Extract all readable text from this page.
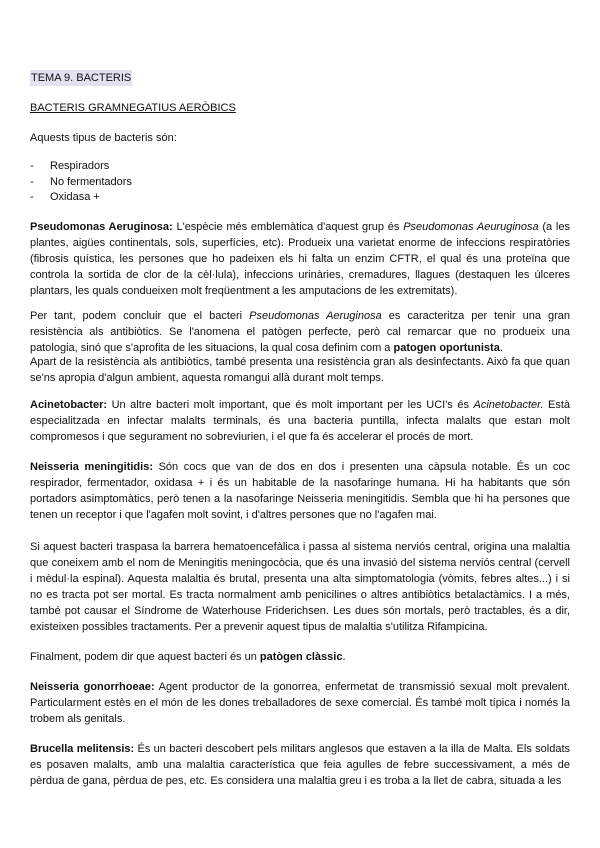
TEMA 9. BACTERIS
BACTERIS GRAMNEGATIUS AERÒBICS
Aquests tipus de bacteris són:
-	Respiradors
-	No fermentadors
-	Oxidasa +
Pseudomonas Aeruginosa: L'espècie més emblemàtica d'aquest grup és Pseudomonas Aeuruginosa (a les
plantes, aigües continentals, sols, superfícies, etc). Produeix una varietat enorme de infeccions respiratòries
(fibrosis quística, les persones que ho padeixen els hi falta un enzim CFTR, el qual és una proteïna que
controla la sortida de clor de la cèl·lula), infeccions urinàries, cremadures, llagues (destaquen les úlceres
plantars, les quals condueixen molt freqüentment a les amputacions de les extremitats).
Per tant, podem concluir que el bacteri Pseudomonas Aeruginosa es caracteritza per tenir una gran
resistència als antibiòtics. Se l'anomena el patògen perfecte, però cal remarcar que no produeix una
patologia, sinó que s'aprofita de les situacions, la qual cosa definim com a patogen oportunista.
Apart de la resistència als antibiòtics, també presenta una resistència gran als desinfectants. Això fa que quan
se'ns apropia d'algun ambient, aquesta romangui allà durant molt temps.
Acinetobacter: Un altre bacteri molt important, que és molt important per les UCI's és Acinetobacter. Està
especialitzada en infectar malalts terminals, és una bacteria puntilla, infecta malalts que estan molt
compromesos i que segurament no sobreviurien, i el que fa és accelerar el procés de mort.
Neisseria meningitidis: Són cocs que van de dos en dos i presenten una càpsula notable. És un coc
respirador, fermentador, oxidasa + i és un habitable de la nasofaringe humana. Hi ha habitants que són
portadors asimptomàtics, però tenen a la nasofaringe Neisseria meningitidis. Sembla que hi ha persones que
tenen un receptor i que l'agafen molt sovint, i d'altres persones que no l'agafen mai.
Si aquest bacteri traspasa la barrera hematoencefàlica i passa al sistema nerviós central, origina una malaltia
que coneixem amb el nom de Meningitis meningocòcia, que és una invasió del sistema nerviós central (cervell
i mèdul·la espinal). Aquesta malaltia és brutal, presenta una alta simptomatologia (vòmits, febres altes...) i si
no es tracta pot ser mortal. Es tracta normalment amb penicilines o altres antibiòtics betalactàmics. I a més,
també pot causar el Síndrome de Waterhouse Friderichsen. Les dues són mortals, però tractables, és a dir,
existeixen possibles tractaments. Per a prevenir aquest tipus de malaltia s'utilitza Rifampicina.
Finalment, podem dir que aquest bacteri és un patògen clàssic.
Neisseria gonorrhoeae: Agent productor de la gonorrea, enfermetat de transmissió sexual molt prevalent.
Particularment estès en el món de les dones treballadores de sexe comercial. És també molt típica i només la
trobem als genitals.
Brucella melitensis: És un bacteri descobert pels militars anglesos que estaven a la illa de Malta. Els soldats
es posaven malalts, amb una malaltia característica que feia agulles de febre successivament, a més de
pèrdua de gana, pèrdua de pes, etc. Es considera una malaltia greu i es troba a la llet de cabra, situada a les
